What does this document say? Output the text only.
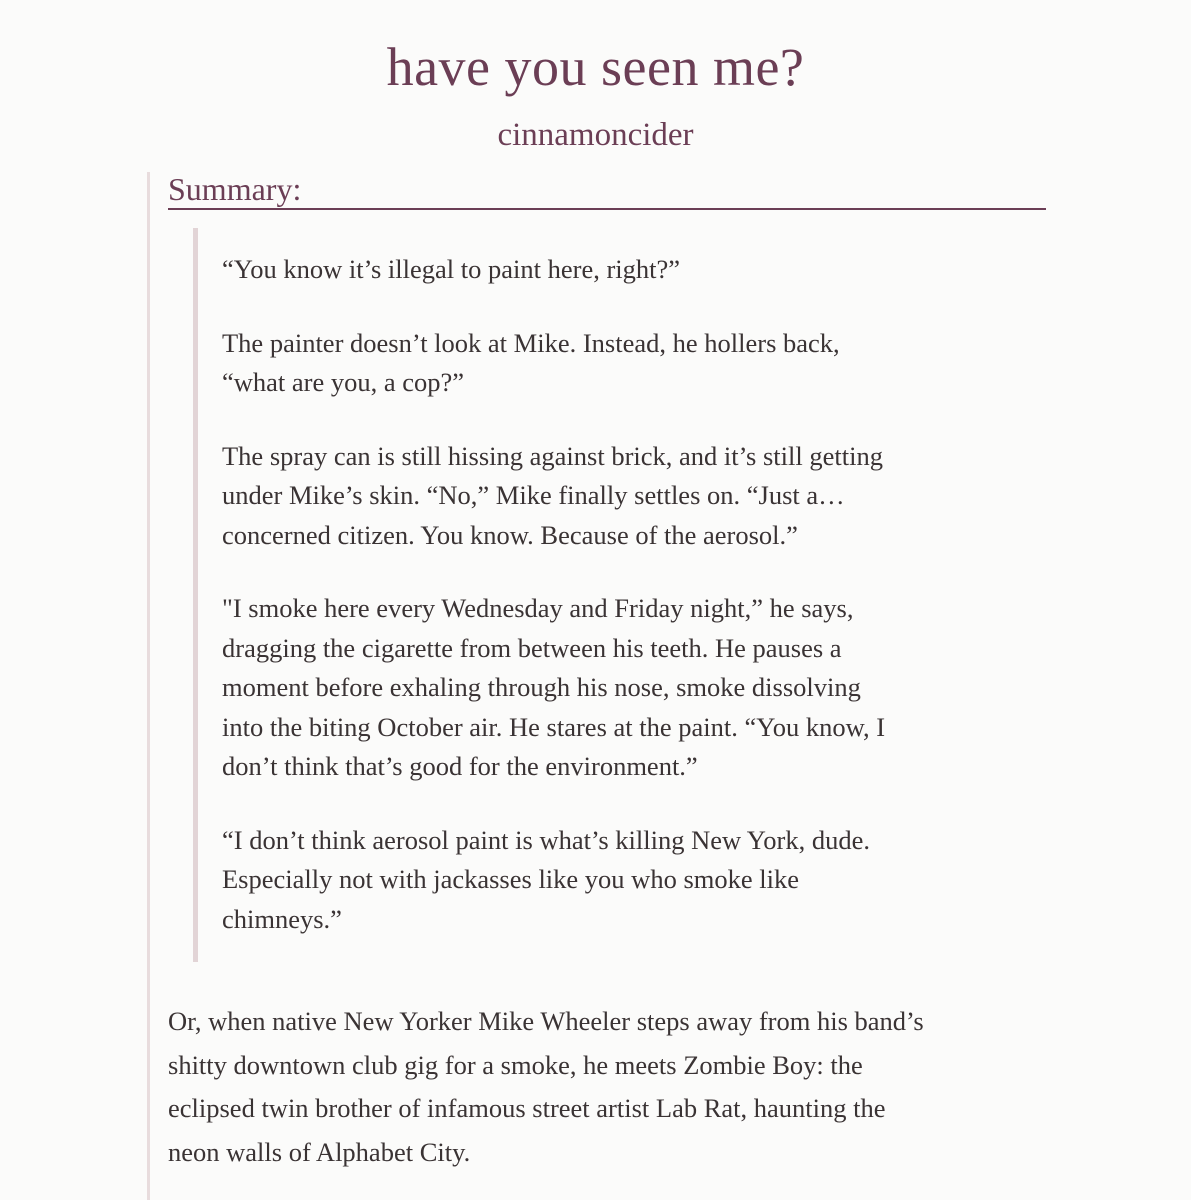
have you seen me?
cinnamoncider
Summary:

“You know it’s illegal to paint here, right?”

The painter doesn’t look at Mike. Instead, he hollers back,
“what are you, a cop?”

The spray can is still hissing against brick, and it’s still getting
under Mike’s skin. “No,” Mike finally settles on. “Just a…
concerned citizen. You know. Because of the aerosol.”

"I smoke here every Wednesday and Friday night,” he says,
dragging the cigarette from between his teeth. He pauses a
moment before exhaling through his nose, smoke dissolving
into the biting October air. He stares at the paint. “You know, I
don’t think that’s good for the environment.”

“I don’t think aerosol paint is what’s killing New York, dude.
Especially not with jackasses like you who smoke like
chimneys.”

Or, when native New Yorker Mike Wheeler steps away from his band’s
shitty downtown club gig for a smoke, he meets Zombie Boy: the
eclipsed twin brother of infamous street artist Lab Rat, haunting the
neon walls of Alphabet City.
